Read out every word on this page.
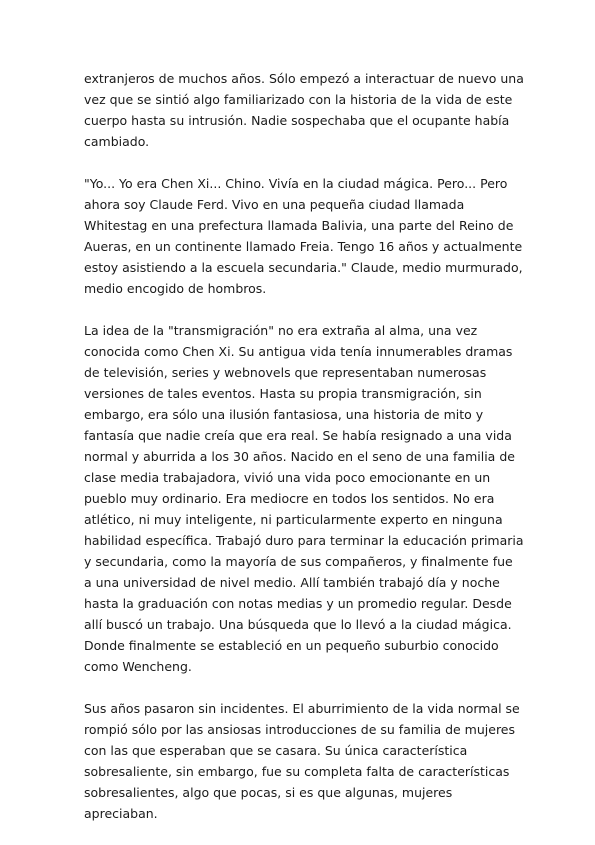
extranjeros de muchos años. Sólo empezó a interactuar de nuevo una vez que se sintió algo familiarizado con la historia de la vida de este cuerpo hasta su intrusión. Nadie sospechaba que el ocupante había cambiado.

"Yo... Yo era Chen Xi... Chino. Vivía en la ciudad mágica. Pero... Pero ahora soy Claude Ferd. Vivo en una pequeña ciudad llamada Whitestag en una prefectura llamada Balivia, una parte del Reino de Aueras, en un continente llamado Freia. Tengo 16 años y actualmente estoy asistiendo a la escuela secundaria." Claude, medio murmurado, medio encogido de hombros.

La idea de la "transmigración" no era extraña al alma, una vez conocida como Chen Xi. Su antigua vida tenía innumerables dramas de televisión, series y webnovels que representaban numerosas versiones de tales eventos. Hasta su propia transmigración, sin embargo, era sólo una ilusión fantasiosa, una historia de mito y fantasía que nadie creía que era real. Se había resignado a una vida normal y aburrida a los 30 años. Nacido en el seno de una familia de clase media trabajadora, vivió una vida poco emocionante en un pueblo muy ordinario. Era mediocre en todos los sentidos. No era atlético, ni muy inteligente, ni particularmente experto en ninguna habilidad específica. Trabajó duro para terminar la educación primaria y secundaria, como la mayoría de sus compañeros, y finalmente fue a una universidad de nivel medio. Allí también trabajó día y noche hasta la graduación con notas medias y un promedio regular. Desde allí buscó un trabajo. Una búsqueda que lo llevó a la ciudad mágica. Donde finalmente se estableció en un pequeño suburbio conocido como Wencheng.

Sus años pasaron sin incidentes. El aburrimiento de la vida normal se rompió sólo por las ansiosas introducciones de su familia de mujeres con las que esperaban que se casara. Su única característica sobresaliente, sin embargo, fue su completa falta de características sobresalientes, algo que pocas, si es que algunas, mujeres apreciaban.
